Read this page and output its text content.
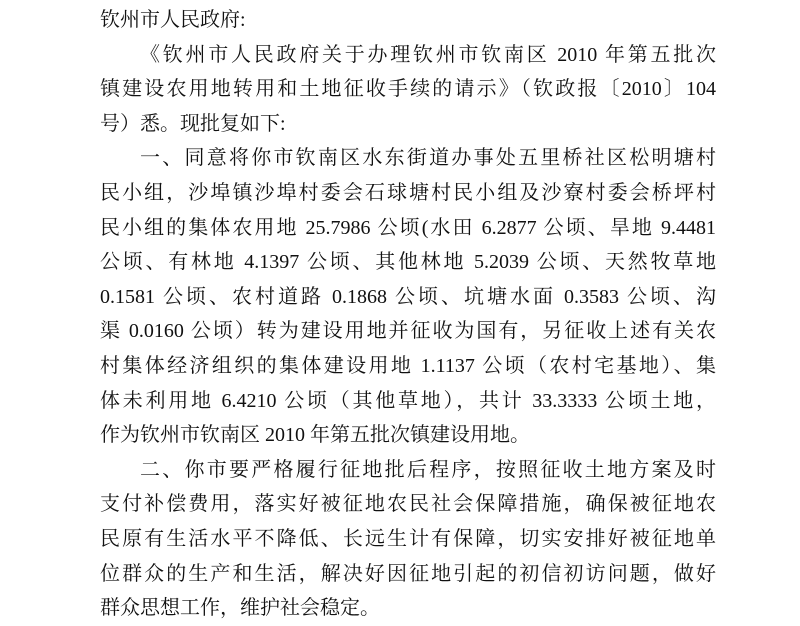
钦州市人民政府:
《钦州市人民政府关于办理钦州市钦南区 2010 年第五批次
镇建设农用地转用和土地征收手续的请示》（钦政报〔2010〕104
号）悉。现批复如下:
一、同意将你市钦南区水东街道办事处五里桥社区松明塘村
民小组，沙埠镇沙埠村委会石球塘村民小组及沙寮村委会桥坪村
民小组的集体农用地 25.7986 公顷(水田 6.2877 公顷、旱地 9.4481
公顷、有林地 4.1397 公顷、其他林地 5.2039 公顷、天然牧草地
0.1581 公顷、农村道路 0.1868 公顷、坑塘水面 0.3583 公顷、沟
渠 0.0160 公顷）转为建设用地并征收为国有，另征收上述有关农
村集体经济组织的集体建设用地 1.1137 公顷（农村宅基地）、集
体未利用地 6.4210 公顷（其他草地），共计 33.3333 公顷土地，
作为钦州市钦南区 2010 年第五批次镇建设用地。
二、你市要严格履行征地批后程序，按照征收土地方案及时
支付补偿费用，落实好被征地农民社会保障措施，确保被征地农
民原有生活水平不降低、长远生计有保障，切实安排好被征地单
位群众的生产和生活，解决好因征地引起的初信初访问题，做好
群众思想工作，维护社会稳定。
